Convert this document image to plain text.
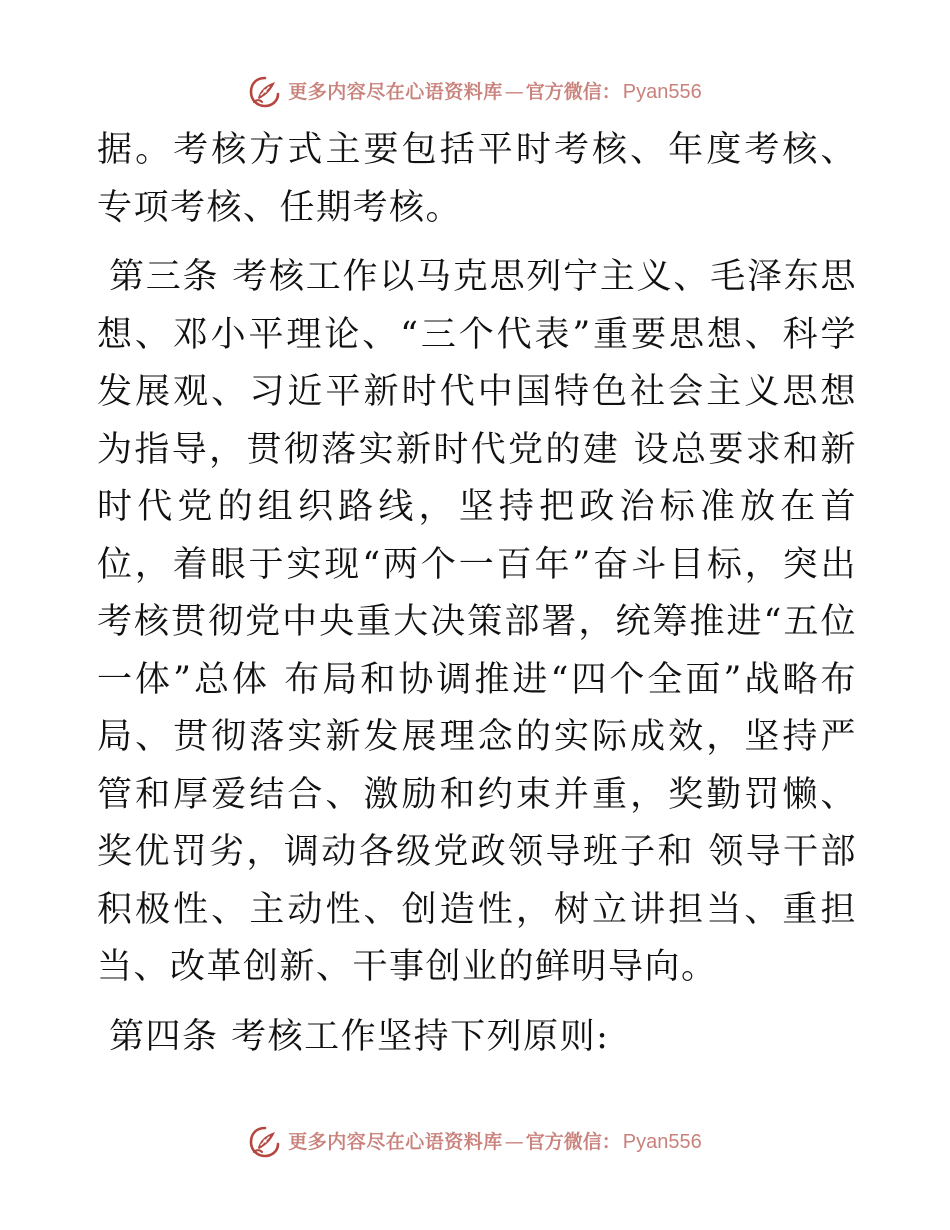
更多内容尽在心语资料库 — 官方微信： Pyan556

据。考核方式主要包括平时考核、年度考核、专项考核、任期考核。

第三条 考核工作以马克思列宁主义、毛泽东思想、邓小平理论、“三个代表”重要思想、科学发展观、习近平新时代中国特色社会主义思想为指导，贯彻落实新时代党的建 设总要求和新时代党的组织路线，坚持把政治标准放在首位，着眼于实现“两个一百年”奋斗目标，突出考核贯彻党中央重大决策部署，统筹推进“五位一体”总体 布局和协调推进“四个全面”战略布局、贯彻落实新发展理念的实际成效，坚持严管和厚爱结合、激励和约束并重，奖勤罚懒、奖优罚劣，调动各级党政领导班子和 领导干部积极性、主动性、创造性，树立讲担当、重担当、改革创新、干事创业的鲜明导向。

第四条 考核工作坚持下列原则:

更多内容尽在心语资料库 — 官方微信： Pyan556
